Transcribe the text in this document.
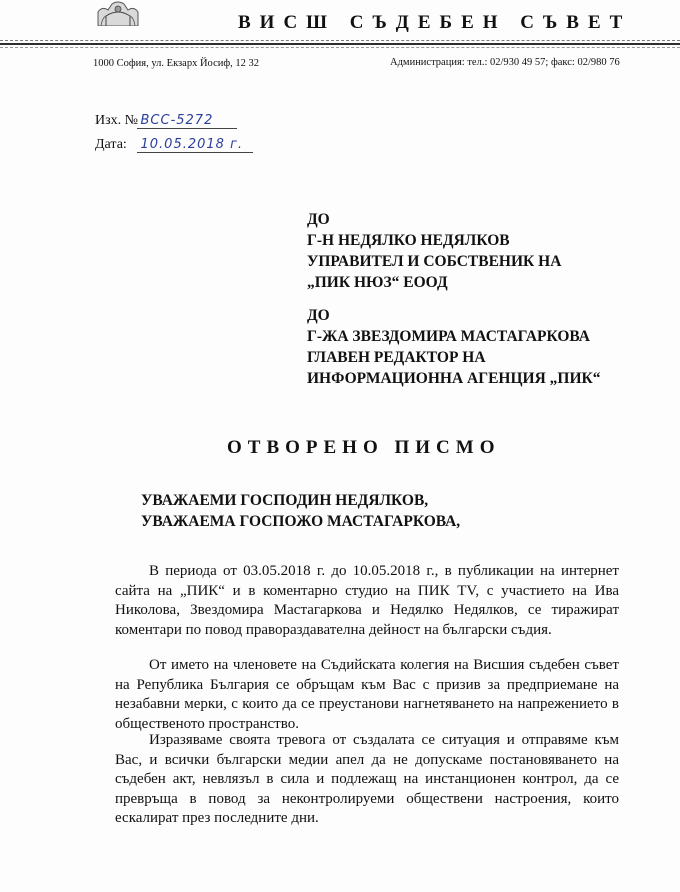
ВИСШ СЪДЕБЕН СЪВЕТ
1000 София, ул. Екзарх Йосиф, 12 32	Администрация: тел.: 02/930 49 57; факс: 02/980 76
Изх. № ВСС-5272
Дата: 10.05.2018 г.
ДО
Г-Н НЕДЯЛКО НЕДЯЛКОВ
УПРАВИТЕЛ И СОБСТВЕНИК НА
„ПИК НЮЗ“ ЕООД
ДО
Г-ЖА ЗВЕЗДОМИРА МАСТАГАРКОВА
ГЛАВЕН РЕДАКТОР НА
ИНФОРМАЦИОННА АГЕНЦИЯ „ПИК“
ОТВОРЕНО ПИСМО
УВАЖАЕМИ ГОСПОДИН НЕДЯЛКОВ,
УВАЖАЕМА ГОСПОЖО МАСТАГАРКОВА,

В периода от 03.05.2018 г. до 10.05.2018 г., в публикации на интернет сайта на „ПИК“ и в коментарно студио на ПИК TV, с участието на Ива Николова, Звездомира Мастагаркова и Недялко Недялков, се тиражират коментари по повод правораздавателна дейност на български съдия.

От името на членовете на Съдийската колегия на Висшия съдебен съвет на Република България се обръщам към Вас с призив за предприемане на незабавни мерки, с които да се преустанови нагнетяването на напрежението в общественото пространство.

Изразяваме своята тревога от създалата се ситуация и отправяме към Вас, и всички български медии апел да не допускаме постановяването на съдебен акт, невлязъл в сила и подлежащ на инстанционен контрол, да се превръща в повод за неконтролируеми обществени настроения, които ескалират през последните дни.
